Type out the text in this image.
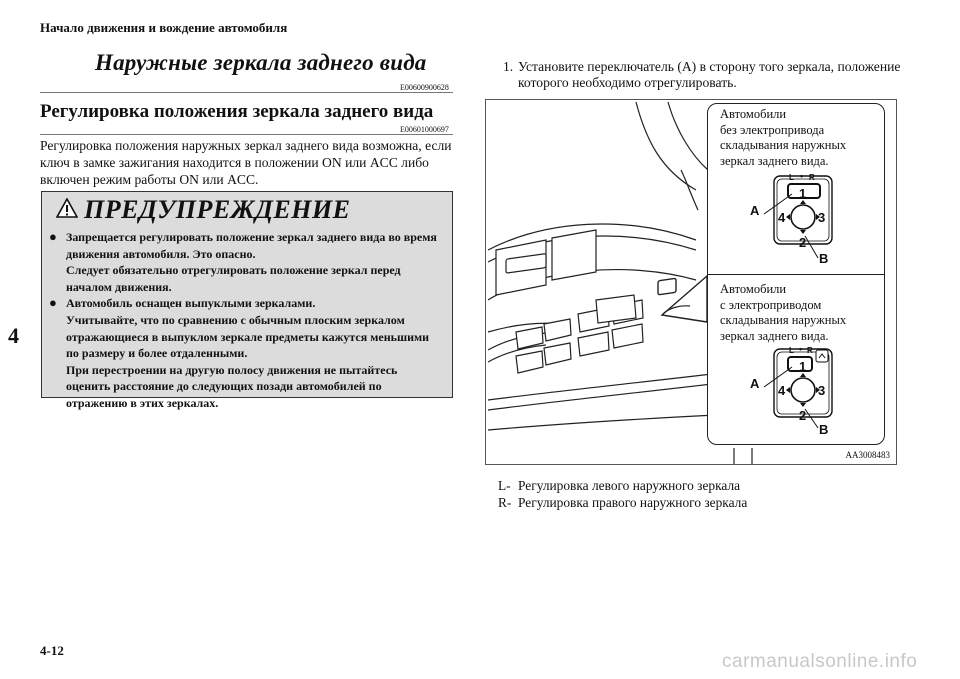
Начало движения и вождение автомобиля
4
Наружные зеркала заднего вида
E00600900628
Регулировка положения зеркала заднего вида
E00601000697
Регулировка положения наружных зеркал заднего вида возможна, если ключ в замке зажигания находится в положении ON или ACC либо включен режим работы ON или ACC.
ПРЕДУПРЕЖДЕНИЕ
● Запрещается регулировать положение зеркал заднего вида во время движения автомобиля. Это опасно.
Следует обязательно отрегулировать положение зеркал перед началом движения.
● Автомобиль оснащен выпуклыми зеркалами.
Учитывайте, что по сравнению с обычным плоским зеркалом отражающиеся в выпуклом зеркале предметы кажутся меньшими по размеру и более отдаленными.
При перестроении на другую полосу движения не пытайтесь оценить расстояние до следующих позади автомобилей по отражению в этих зеркалах.
1. Установите переключатель (A) в сторону того зеркала, положение которого необходимо отрегулировать.
Автомобили
без электропривода
складывания наружных
зеркал заднего вида.
Автомобили
с электроприводом
складывания наружных
зеркал заднего вида.
L • R
1
4	3
2
A
B
L • R
1
4	3
2
A
B
AA3008483
L- Регулировка левого наружного зеркала
R- Регулировка правого наружного зеркала
4-12
carmanualsonline.info
